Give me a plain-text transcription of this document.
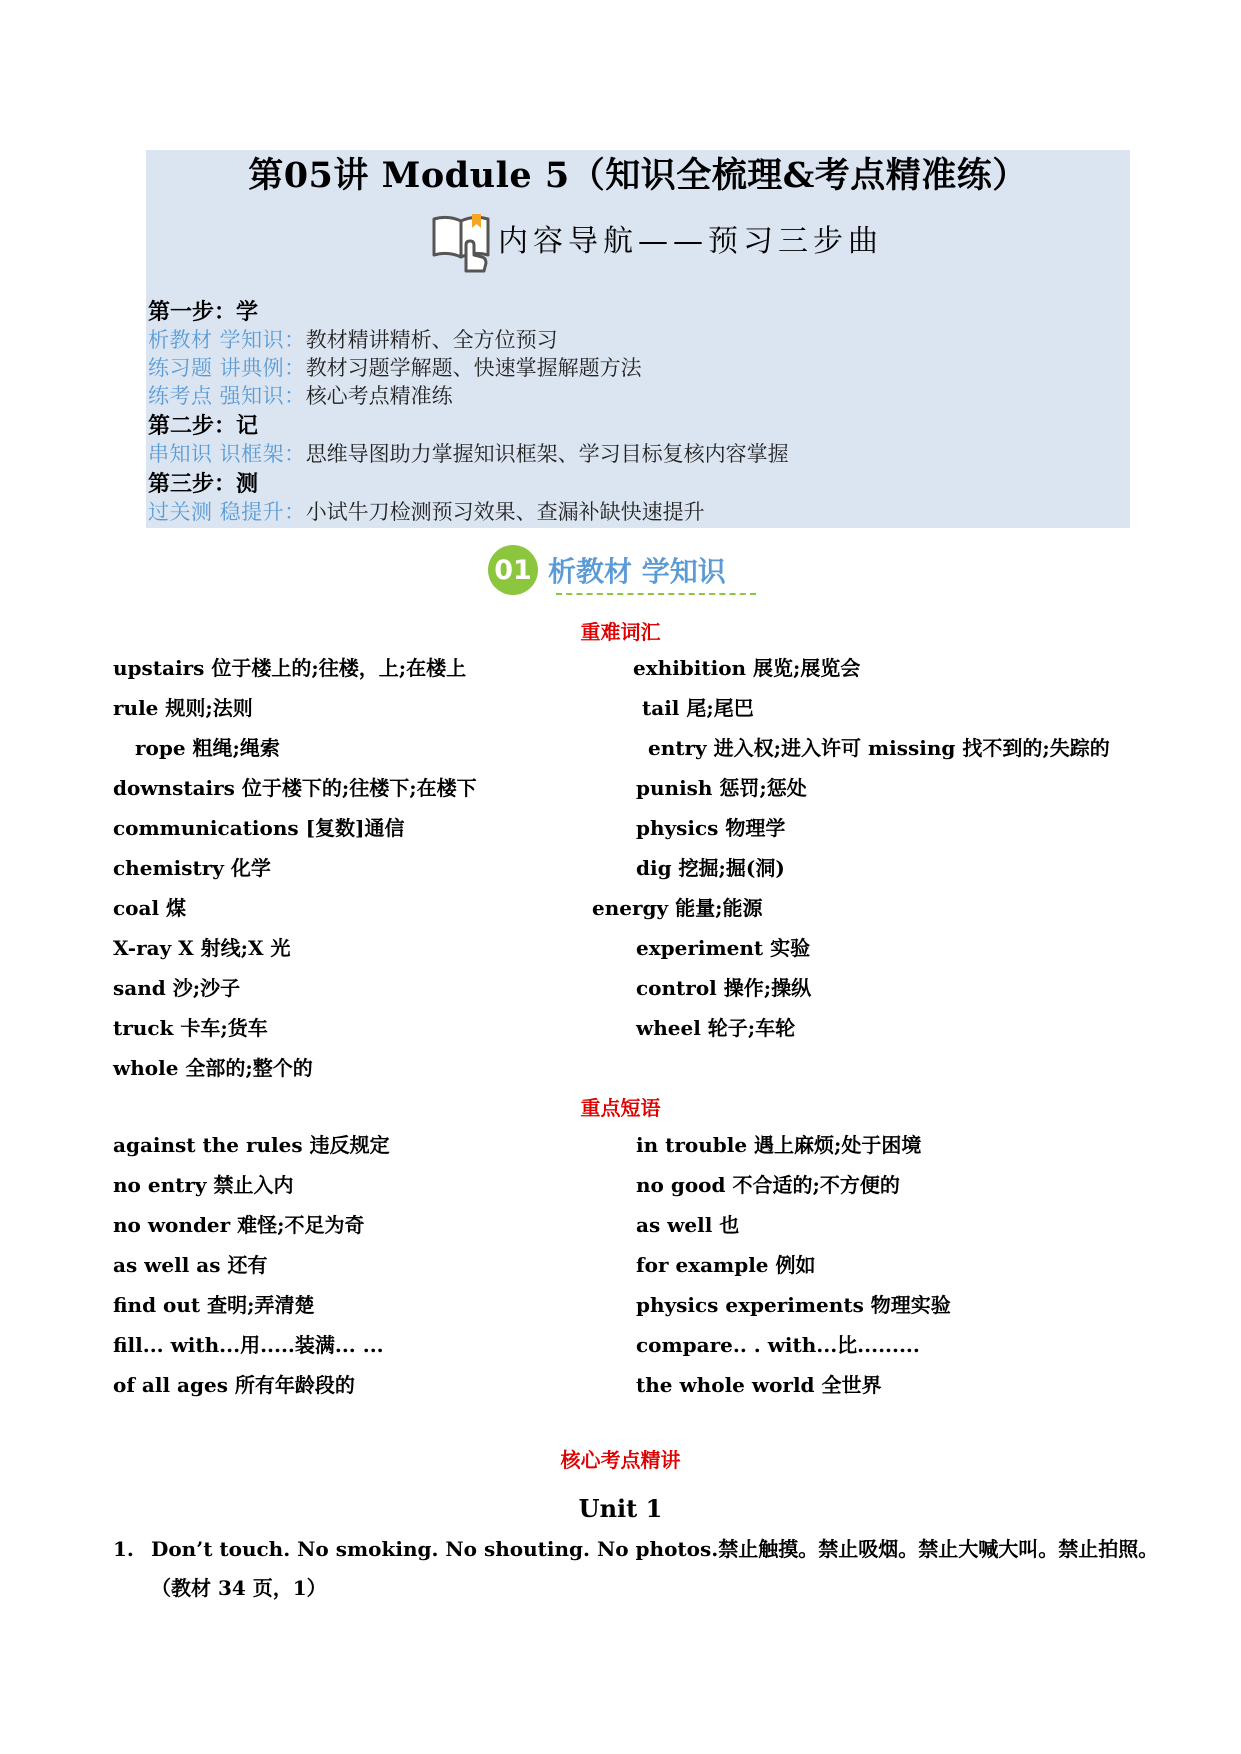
第05讲 Module 5（知识全梳理&考点精准练）
内容导航——预习三步曲
第一步：学
析教材 学知识：教材精讲精析、全方位预习
练习题 讲典例：教材习题学解题、快速掌握解题方法
练考点 强知识：核心考点精准练
第二步：记
串知识 识框架：思维导图助力掌握知识框架、学习目标复核内容掌握
第三步：测
过关测 稳提升：小试牛刀检测预习效果、查漏补缺快速提升
01 析教材 学知识
重难词汇
upstairs 位于楼上的;往楼，上;在楼上
rule 规则;法则
rope 粗绳;绳索
downstairs 位于楼下的;往楼下;在楼下
communications [复数]通信
chemistry 化学
coal 煤
X-ray X 射线;X 光
sand 沙;沙子
truck 卡车;货车
whole 全部的;整个的
exhibition 展览;展览会
tail 尾;尾巴
entry 进入权;进入许可 missing 找不到的;失踪的
punish 惩罚;惩处
physics 物理学
dig 挖掘;掘(洞)
energy 能量;能源
experiment 实验
control 操作;操纵
wheel 轮子;车轮
重点短语
against the rules 违反规定
no entry 禁止入内
no wonder 难怪;不足为奇
as well as 还有
find out 查明;弄清楚
fill... with...用.....装满... ...
of all ages 所有年龄段的
in trouble 遇上麻烦;处于困境
no good 不合适的;不方便的
as well 也
for example 例如
physics experiments 物理实验
compare.. . with...比.........
the whole world 全世界
核心考点精讲
Unit 1
1. Don’t touch. No smoking. No shouting. No photos.禁止触摸。禁止吸烟。禁止大喊大叫。禁止拍照。
（教材 34 页，1）
